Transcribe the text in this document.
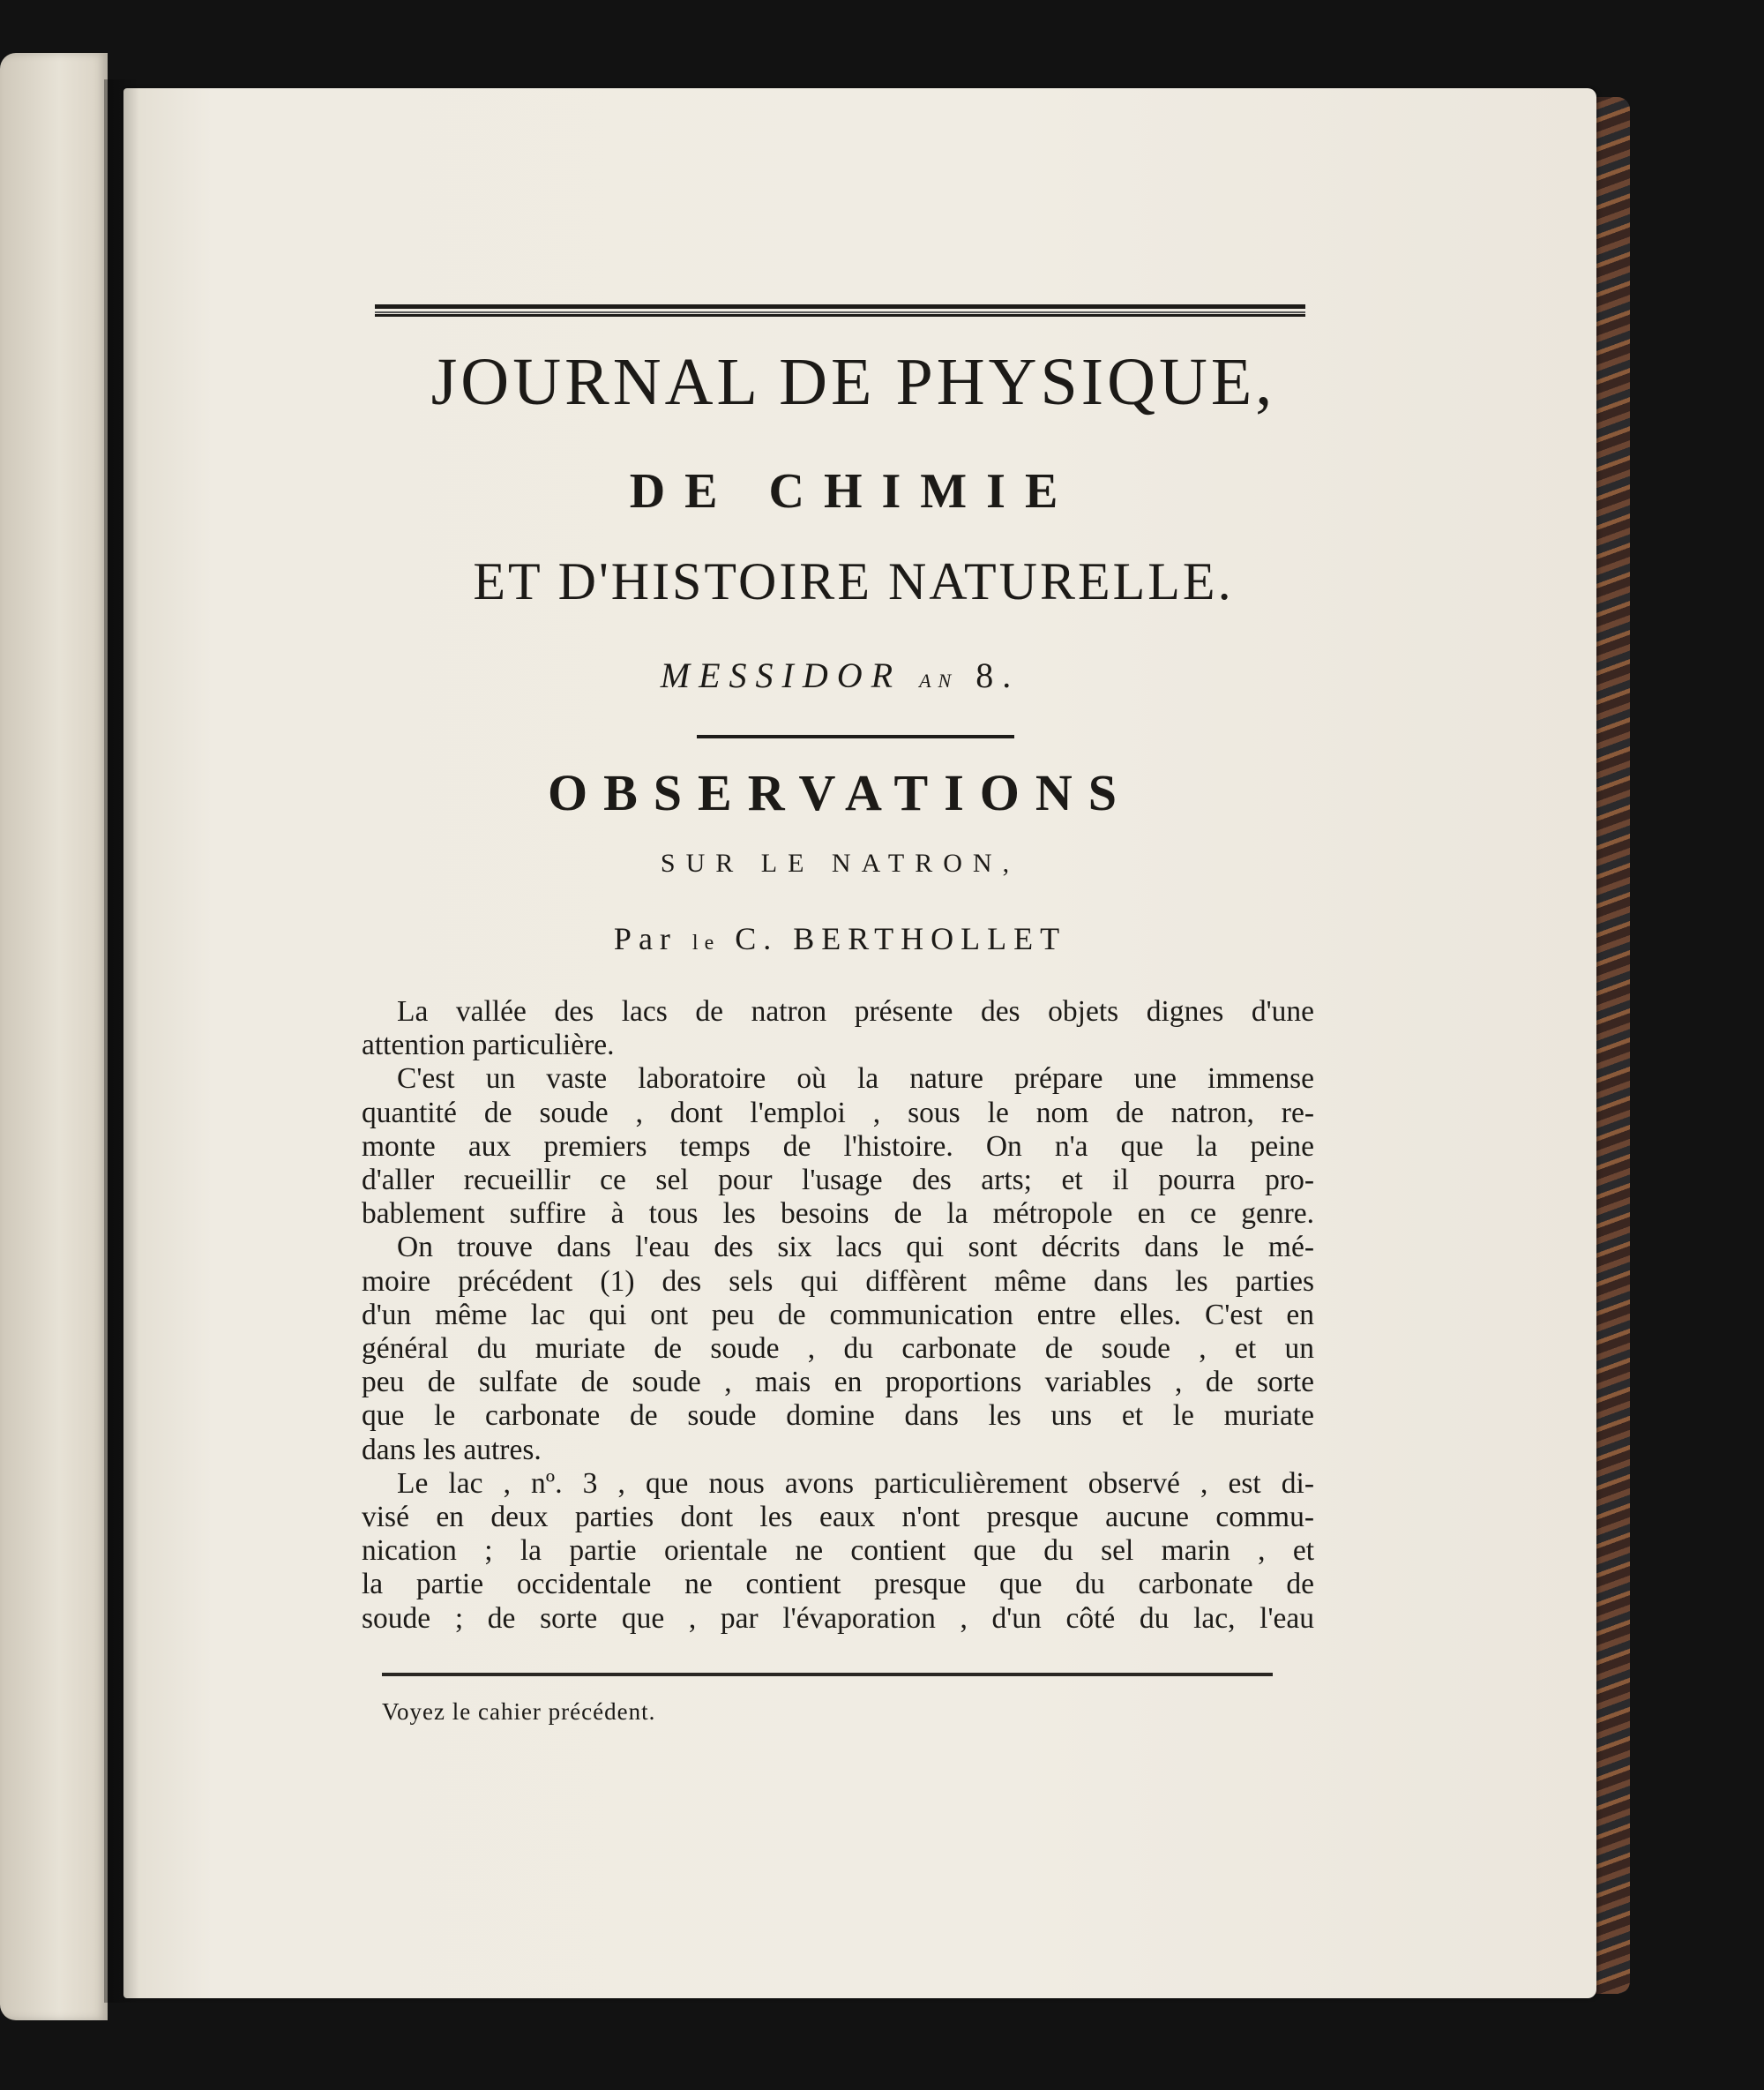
JOURNAL DE PHYSIQUE,
DE CHIMIE
ET D'HISTOIRE NATURELLE.
MESSIDOR AN 8.
OBSERVATIONS
SUR LE NATRON,
Par le C. BERTHOLLET
La vallée des lacs de natron présente des objets dignes d'une
attention particulière.
C'est un vaste laboratoire où la nature prépare une immense
quantité de soude , dont l'emploi , sous le nom de natron, re-
monte aux premiers temps de l'histoire. On n'a que la peine
d'aller recueillir ce sel pour l'usage des arts; et il pourra pro-
bablement suffire à tous les besoins de la métropole en ce genre.
On trouve dans l'eau des six lacs qui sont décrits dans le mé-
moire précédent (1) des sels qui diffèrent même dans les parties
d'un même lac qui ont peu de communication entre elles. C'est en
général du muriate de soude , du carbonate de soude , et un
peu de sulfate de soude , mais en proportions variables , de sorte
que le carbonate de soude domine dans les uns et le muriate
dans les autres.
Le lac , nº. 3 , que nous avons particulièrement observé , est di-
visé en deux parties dont les eaux n'ont presque aucune commu-
nication ; la partie orientale ne contient que du sel marin , et
la partie occidentale ne contient presque que du carbonate de
soude ; de sorte que , par l'évaporation , d'un côté du lac, l'eau
Voyez le cahier précédent.
